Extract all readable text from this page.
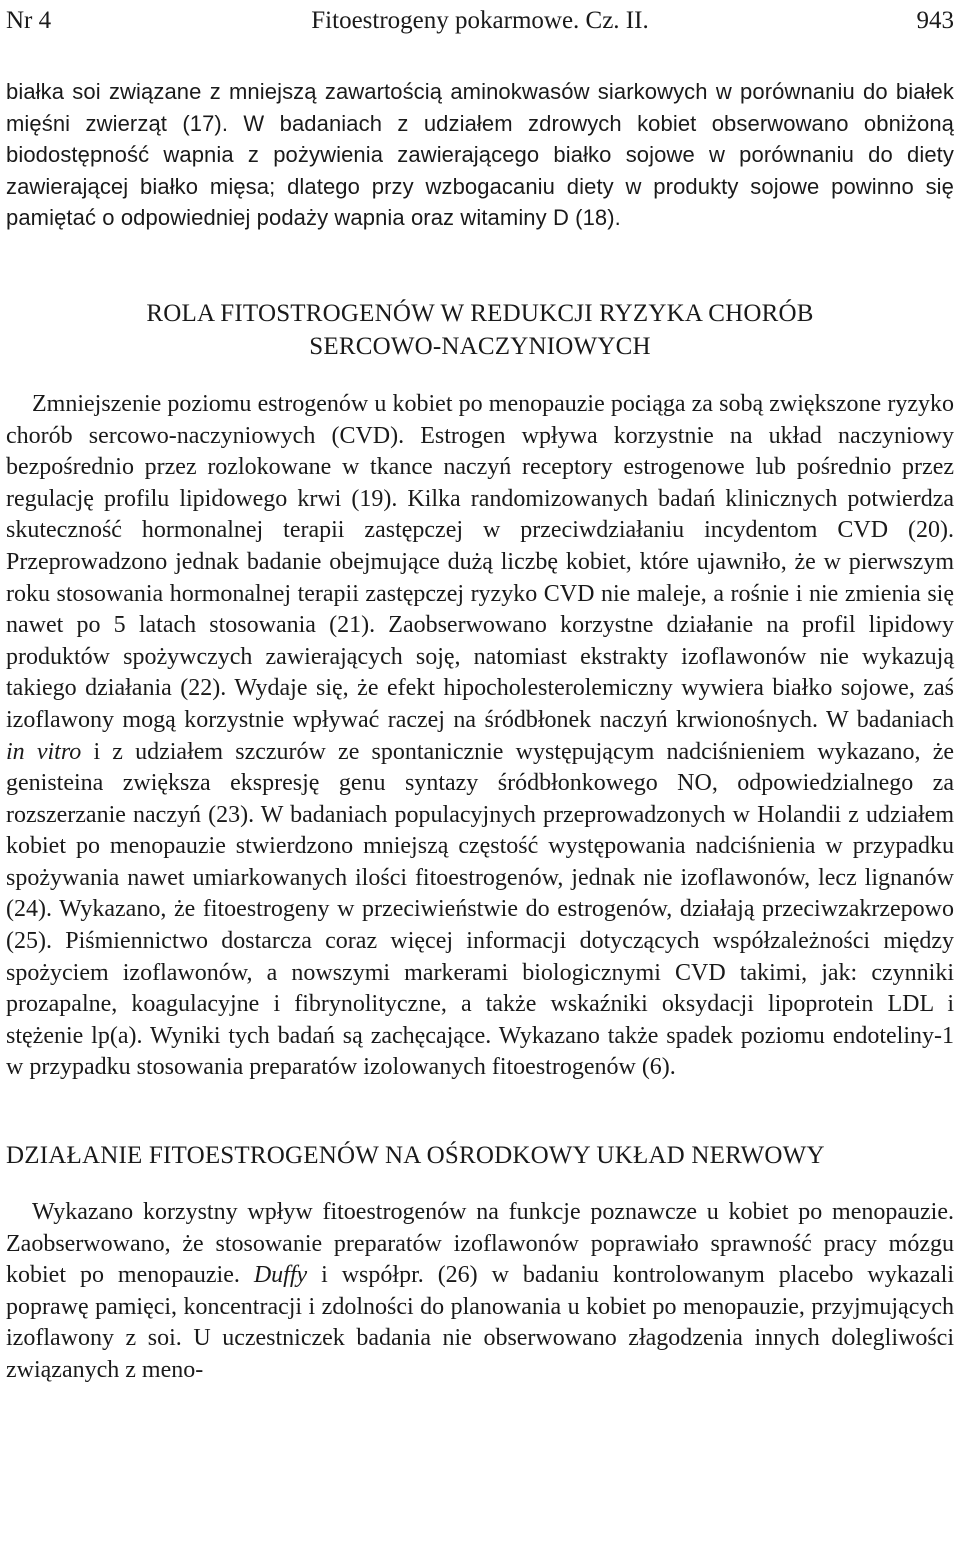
Nr 4	Fitoestrogeny pokarmowe. Cz. II.	943

białka soi związane z mniejszą zawartością aminokwasów siarkowych w porównaniu do białek mięśni zwierząt (17). W badaniach z udziałem zdrowych kobiet obserwowano obniżoną biodostępność wapnia z pożywienia zawierającego białko sojowe w porównaniu do diety zawierającej białko mięsa; dlatego przy wzbogacaniu diety w produkty sojowe powinno się pamiętać o odpowiedniej podaży wapnia oraz witaminy D (18).

ROLA FITOSTROGENÓW W REDUKCJI RYZYKA CHORÓB
SERCOWO-NACZYNIOWYCH

Zmniejszenie poziomu estrogenów u kobiet po menopauzie pociąga za sobą zwiększone ryzyko chorób sercowo-naczyniowych (CVD). Estrogen wpływa korzystnie na układ naczyniowy bezpośrednio przez rozlokowane w tkance naczyń receptory estrogenowe lub pośrednio przez regulację profilu lipidowego krwi (19). Kilka randomizowanych badań klinicznych potwierdza skuteczność hormonalnej terapii zastępczej w przeciwdziałaniu incydentom CVD (20). Przeprowadzono jednak badanie obejmujące dużą liczbę kobiet, które ujawniło, że w pierwszym roku stosowania hormonalnej terapii zastępczej ryzyko CVD nie maleje, a rośnie i nie zmienia się nawet po 5 latach stosowania (21). Zaobserwowano korzystne działanie na profil lipidowy produktów spożywczych zawierających soję, natomiast ekstrakty izoflawonów nie wykazują takiego działania (22). Wydaje się, że efekt hipocholesterolemiczny wywiera białko sojowe, zaś izoflawony mogą korzystnie wpływać raczej na śródbłonek naczyń krwionośnych. W badaniach in vitro i z udziałem szczurów ze spontanicznie występującym nadciśnieniem wykazano, że genisteina zwiększa ekspresję genu syntazy śródbłonkowego NO, odpowiedzialnego za rozszerzanie naczyń (23). W badaniach populacyjnych przeprowadzonych w Holandii z udziałem kobiet po menopauzie stwierdzono mniejszą częstość występowania nadciśnienia w przypadku spożywania nawet umiarkowanych ilości fitoestrogenów, jednak nie izoflawonów, lecz lignanów (24). Wykazano, że fitoestrogeny w przeciwieństwie do estrogenów, działają przeciwzakrzepowo (25). Piśmiennictwo dostarcza coraz więcej informacji dotyczących współzależności między spożyciem izoflawonów, a nowszymi markerami biologicznymi CVD takimi, jak: czynniki prozapalne, koagulacyjne i fibrynolityczne, a także wskaźniki oksydacji lipoprotein LDL i stężenie lp(a). Wyniki tych badań są zachęcające. Wykazano także spadek poziomu endoteliny-1 w przypadku stosowania preparatów izolowanych fitoestrogenów (6).

DZIAŁANIE FITOESTROGENÓW NA OŚRODKOWY UKŁAD NERWOWY

Wykazano korzystny wpływ fitoestrogenów na funkcje poznawcze u kobiet po menopauzie. Zaobserwowano, że stosowanie preparatów izoflawonów poprawiało sprawność pracy mózgu kobiet po menopauzie. Duffy i współpr. (26) w badaniu kontrolowanym placebo wykazali poprawę pamięci, koncentracji i zdolności do planowania u kobiet po menopauzie, przyjmujących izoflawony z soi. U uczestniczek badania nie obserwowano złagodzenia innych dolegliwości związanych z meno-
